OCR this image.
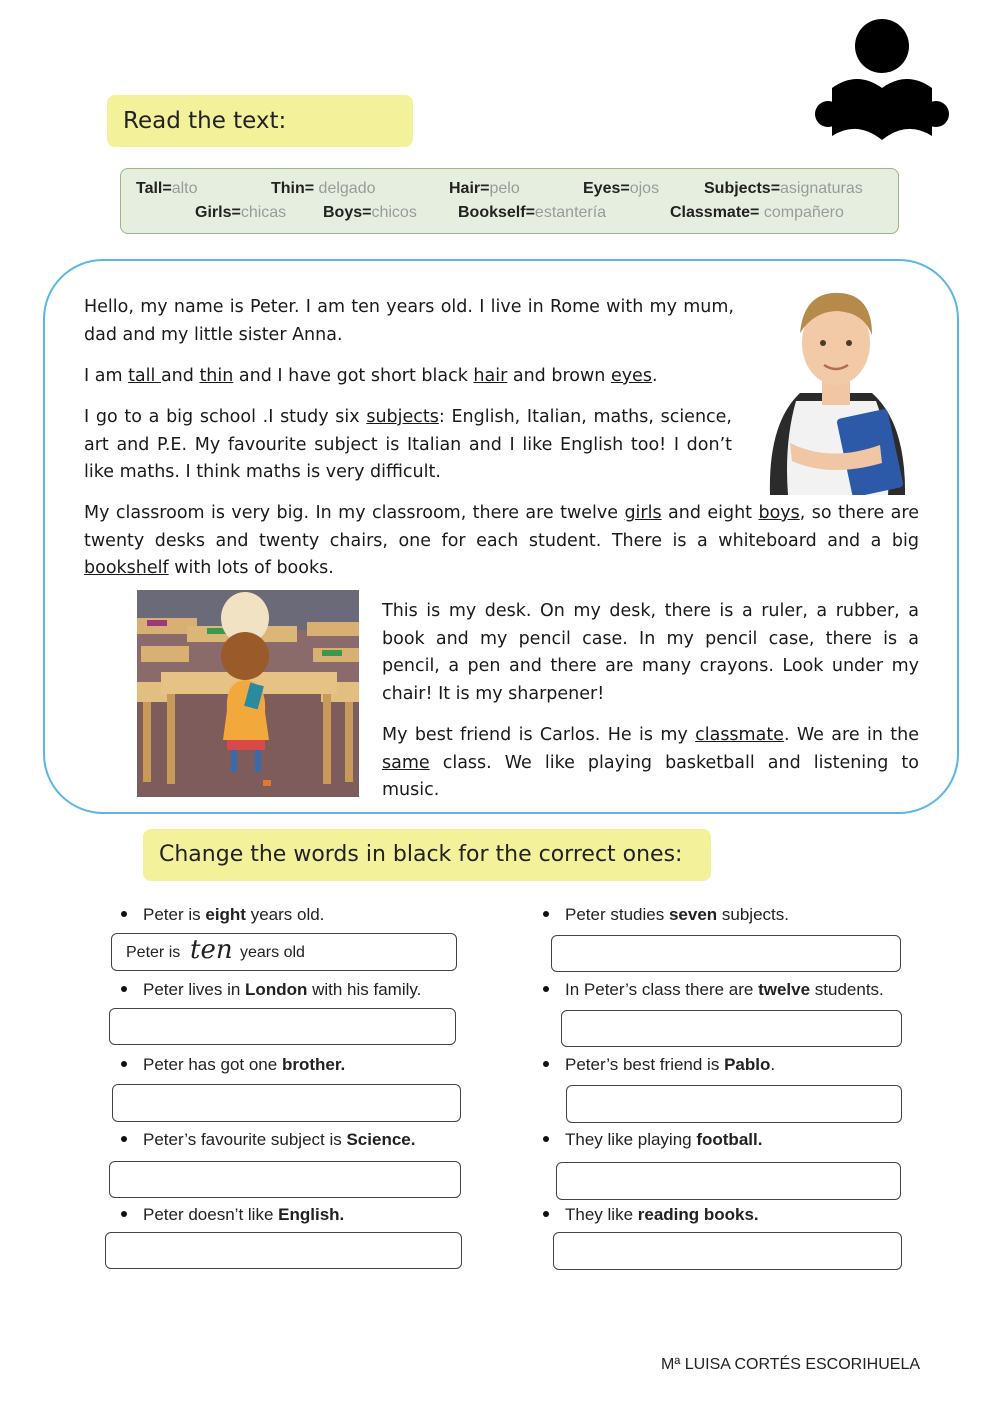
Read the text:
Tall=alto	Thin= delgado	Hair=pelo	Eyes=ojos	Subjects=asignaturas
Girls=chicas Boys=chicos	Bookself=estantería	Classmate= compañero
Hello, my name is Peter. I am ten years old. I live in Rome with my mum, dad and my little sister Anna.
I am tall and thin and I have got short black hair and brown eyes.
I go to a big school .I study six subjects: English, Italian, maths, science, art and P.E. My favourite subject is Italian and I like English too! I don’t like maths. I think maths is very difficult.
My classroom is very big. In my classroom, there are twelve girls and eight boys, so there are twenty desks and twenty chairs, one for each student. There is a whiteboard and a big bookshelf with lots of books.
This is my desk. On my desk, there is a ruler, a rubber, a book and my pencil case. In my pencil case, there is a pencil, a pen and there are many crayons. Look under my chair! It is my sharpener!
My best friend is Carlos. He is my classmate. We are in the same class. We like playing basketball and listening to music.
Change the words in black for the correct ones:
Peter is eight years old.	Peter studies seven subjects.
Peter is ten years old
Peter lives in London with his family.	In Peter’s class there are twelve students.
Peter has got one brother.	Peter’s best friend is Pablo.
Peter’s favourite subject is Science.	They like playing football.
Peter doesn’t like English.	They like reading books.
Mª LUISA CORTÉS ESCORIHUELA
